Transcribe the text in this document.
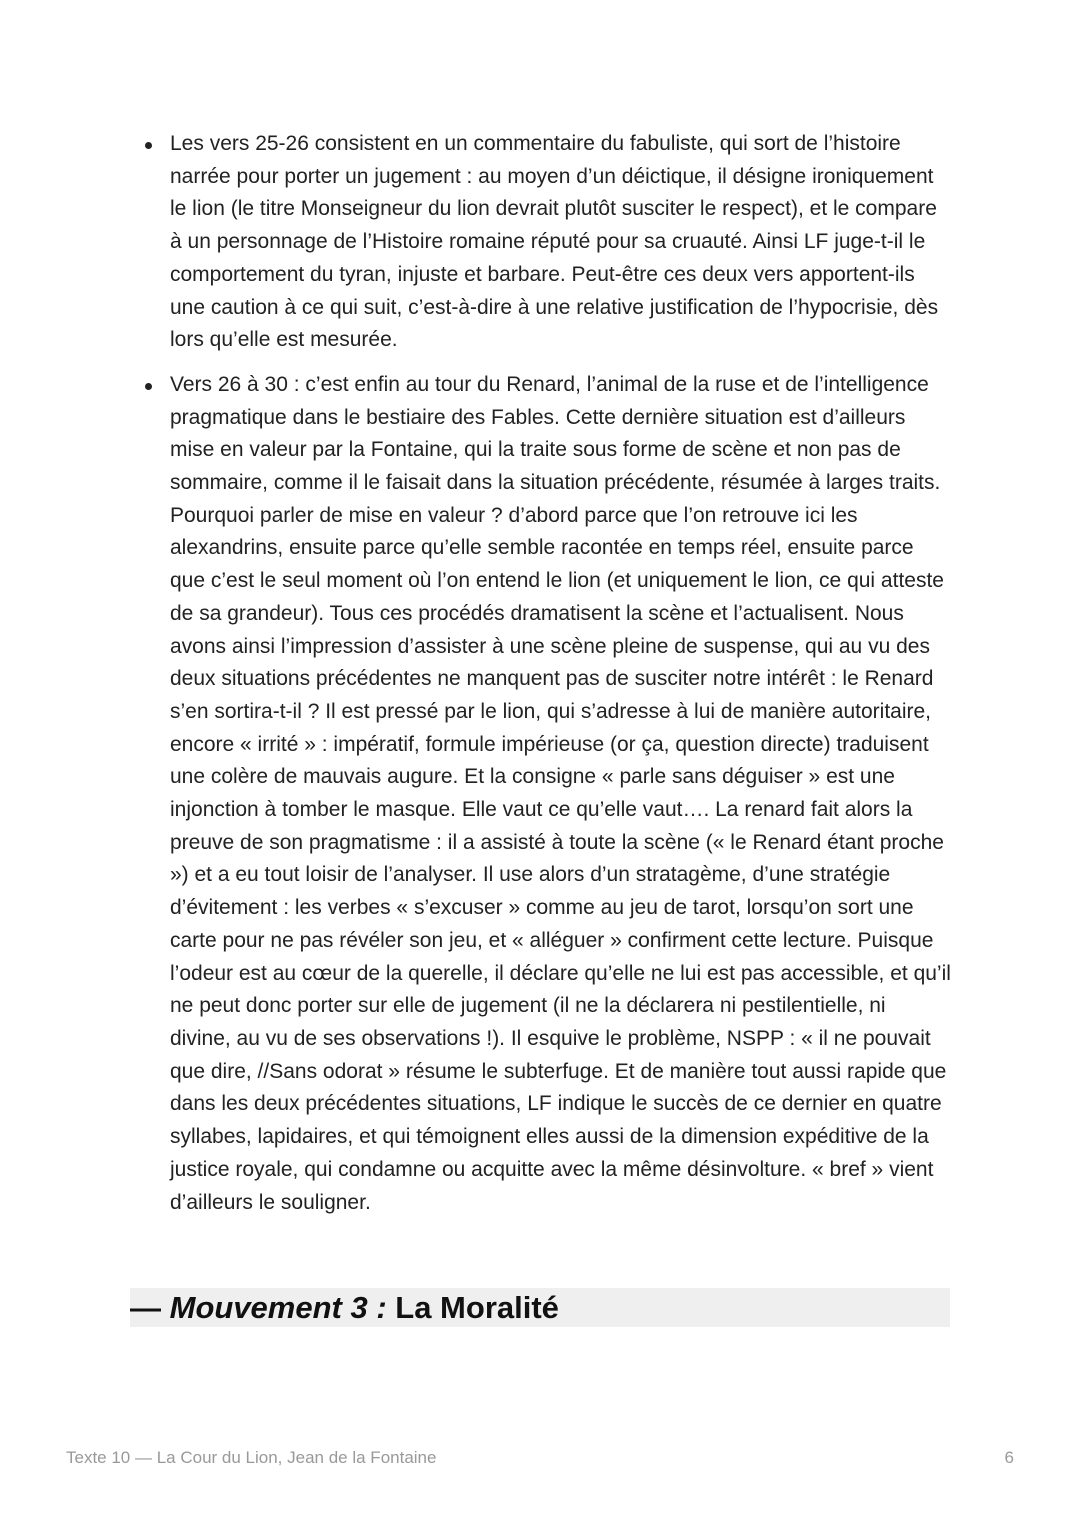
Les vers 25-26 consistent en un commentaire du fabuliste, qui sort de l’histoire narrée pour porter un jugement : au moyen d’un déictique, il désigne ironiquement le lion (le titre Monseigneur du lion devrait plutôt susciter le respect), et le compare à un personnage de l’Histoire romaine réputé pour sa cruauté. Ainsi LF juge-t-il le comportement du tyran, injuste et barbare. Peut-être ces deux vers apportent-ils une caution à ce qui suit, c’est-à-dire à une relative justification de l’hypocrisie, dès lors qu’elle est mesurée.
Vers 26 à 30 : c’est enfin au tour du Renard, l’animal de la ruse et de l’intelligence pragmatique dans le bestiaire des Fables. Cette dernière situation est d’ailleurs mise en valeur par la Fontaine, qui la traite sous forme de scène et non pas de sommaire, comme il le faisait dans la situation précédente, résumée à larges traits. Pourquoi parler de mise en valeur ? d’abord parce que l’on retrouve ici les alexandrins, ensuite parce qu’elle semble racontée en temps réel, ensuite parce que c’est le seul moment où l’on entend le lion (et uniquement le lion, ce qui atteste de sa grandeur). Tous ces procédés dramatisent la scène et l’actualisent. Nous avons ainsi l’impression d’assister à une scène pleine de suspense, qui au vu des deux situations précédentes ne manquent pas de susciter notre intérêt : le Renard s’en sortira-t-il ? Il est pressé par le lion, qui s’adresse à lui de manière autoritaire, encore « irrité » : impératif, formule impérieuse (or ça, question directe) traduisent une colère de mauvais augure. Et la consigne « parle sans déguiser » est une injonction à tomber le masque. Elle vaut ce qu’elle vaut…. La renard fait alors la preuve de son pragmatisme : il a assisté à toute la scène (« le Renard étant proche ») et a eu tout loisir de l’analyser. Il use alors d’un stratagème, d’une stratégie d’évitement : les verbes « s’excuser » comme au jeu de tarot, lorsqu’on sort une carte pour ne pas révéler son jeu, et « alléguer » confirment cette lecture. Puisque l’odeur est au cœur de la querelle, il déclare qu’elle ne lui est pas accessible, et qu’il ne peut donc porter sur elle de jugement (il ne la déclarera ni pestilentielle, ni divine, au vu de ses observations !). Il esquive le problème, NSPP : « il ne pouvait que dire, //Sans odorat » résume le subterfuge. Et de manière tout aussi rapide que dans les deux précédentes situations, LF indique le succès de ce dernier en quatre syllabes, lapidaires, et qui témoignent elles aussi de la dimension expéditive de la justice royale, qui condamne ou acquitte avec la même désinvolture. « bref » vient d’ailleurs le souligner.
— Mouvement 3 : La Moralité
Texte 10 — La Cour du Lion, Jean de la Fontaine	6
